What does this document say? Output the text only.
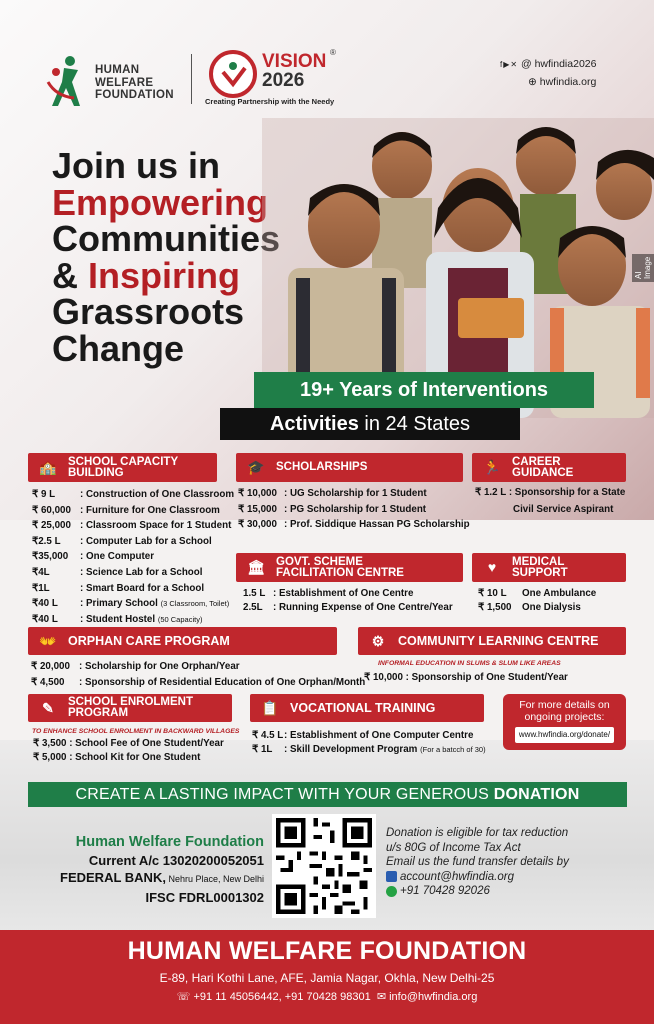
HUMAN
WELFARE
FOUNDATION
VISION
2026
®
Creating Partnership with the Needy
f▶✕ @ hwfindia2026
⊕ hwfindia.org
Join us in
Empowering
Communities
& Inspiring
Grassroots
Change
AI Image
19+ Years of Interventions
Activities in 24 States
🏫 SCHOOL CAPACITY
BUILDING
₹ 9 L	: Construction of One Classroom
₹ 60,000 : Furniture for One Classroom
₹ 25,000 : Classroom Space for 1 Student
₹2.5 L	: Computer Lab for a School
₹35,000	: One Computer
₹4L	: Science Lab for a School
₹1L	: Smart Board for a School
₹40 L	: Primary School
(3 Classroom, Toilet)
₹40 L	: Student Hostel
(50 Capacity)
🎓 SCHOLARSHIPS
₹ 10,000 : UG Scholarship for 1 Student
₹ 15,000 : PG Scholarship for 1 Student
₹ 30,000 : Prof. Siddique Hassan PG Scholarship
🏃 CAREER
GUIDANCE
₹ 1.2 L : Sponsorship for a State
Civil Service Aspirant
🏛 GOVT. SCHEME
FACILITATION CENTRE
1.5 L : Establishment of One Centre
2.5L	: Running Expense of One Centre/Year
♥	MEDICAL
SUPPORT
₹ 10 L	One Ambulance
₹ 1,500	One Dialysis
👐 ORPHAN CARE PROGRAM
₹ 20,000 : Scholarship for One Orphan/Year
₹ 4,500	: Sponsorship of Residential Education of One Orphan/Month
⚙	COMMUNITY LEARNING CENTRE
INFORMAL EDUCATION IN SLUMS & SLUM LIKE AREAS
₹ 10,000 : Sponsorship of One Student/Year
✎	SCHOOL ENROLMENT
PROGRAM
TO ENHANCE SCHOOL ENROLMENT IN BACKWARD VILLAGES
₹ 3,500 : School Fee of One Student/Year
₹ 5,000 : School Kit for One Student
📋 VOCATIONAL TRAINING
₹ 4.5 L : Establishment of One Computer Centre
₹ 1L	: Skill Development Program
(For a batcch of 30)
For more details on
ongoing projects:
www.hwfindia.org/donate/
CREATE A LASTING IMPACT WITH YOUR GENEROUS DONATION
Human Welfare Foundation
Current A/c 13020200052051
FEDERAL BANK, Nehru Place, New Delhi
IFSC FDRL0001302
Donation is eligible for tax reduction
u/s 80G of Income Tax Act
Email us the fund transfer details by
account@hwfindia.org
+91 70428 92026
HUMAN WELFARE FOUNDATION
E-89, Hari Kothi Lane, AFE, Jamia Nagar, Okhla, New Delhi-25
☏ +91 11 45056442, +91 70428 98301 ✉ info@hwfindia.org
